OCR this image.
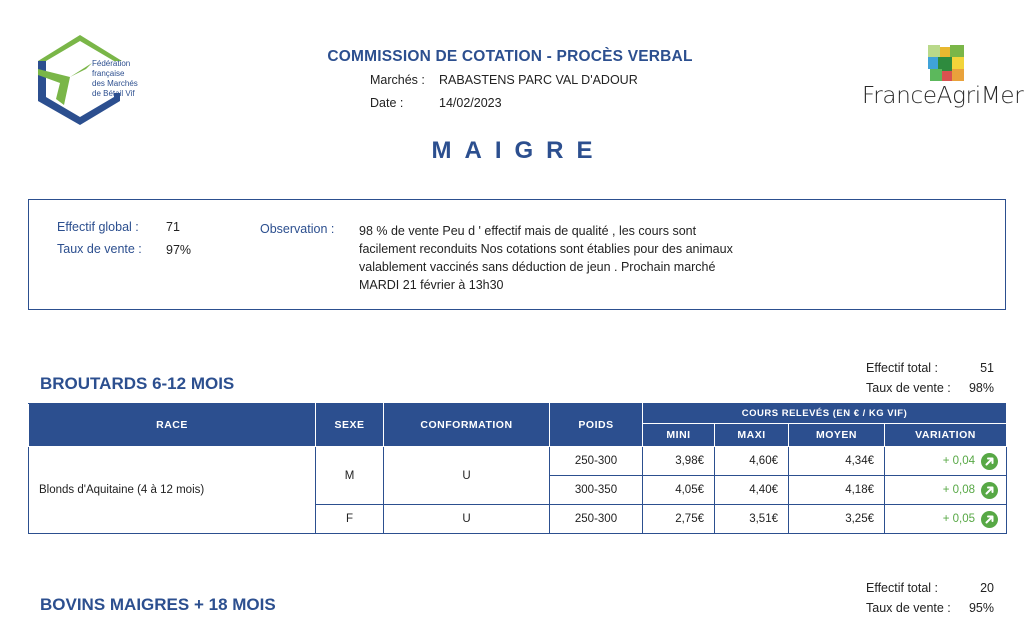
Fédération
française
des Marchés
de Bétail Vif
COMMISSION DE COTATION - PROCÈS VERBAL
Marchés : RABASTENS PARC VAL D'ADOUR
Date :	14/02/2023	FranceAgriMer
MAIGRE
Effectif global : 71
Taux de vente : 97%
Observation : 98 % de vente Peu d ' effectif mais de qualité , les cours sont
facilement reconduits Nos cotations sont établies pour des animaux
valablement vaccinés sans déduction de jeun . Prochain marché
MARDI 21 février à 13h30
Effectif total :	51
Taux de vente : 98%
BROUTARDS 6-12 MOIS
RACE	SEXE	CONFORMATION	POIDS	COURS RELEVÉS (EN € / KG VIF)			
				MINI	MAXI	MOYEN	VARIATION
Blonds d'Aquitaine (4 à 12 mois)	M	U	250-300	3,98€	4,60€	4,34€	+ 0,04

			300-350	4,05€	4,40€	4,18€	+ 0,08

	F	U	250-300	2,75€	3,51€	3,25€	+ 0,05
Effectif total :	20
Taux de vente : 95%
BOVINS MAIGRES + 18 MOIS
